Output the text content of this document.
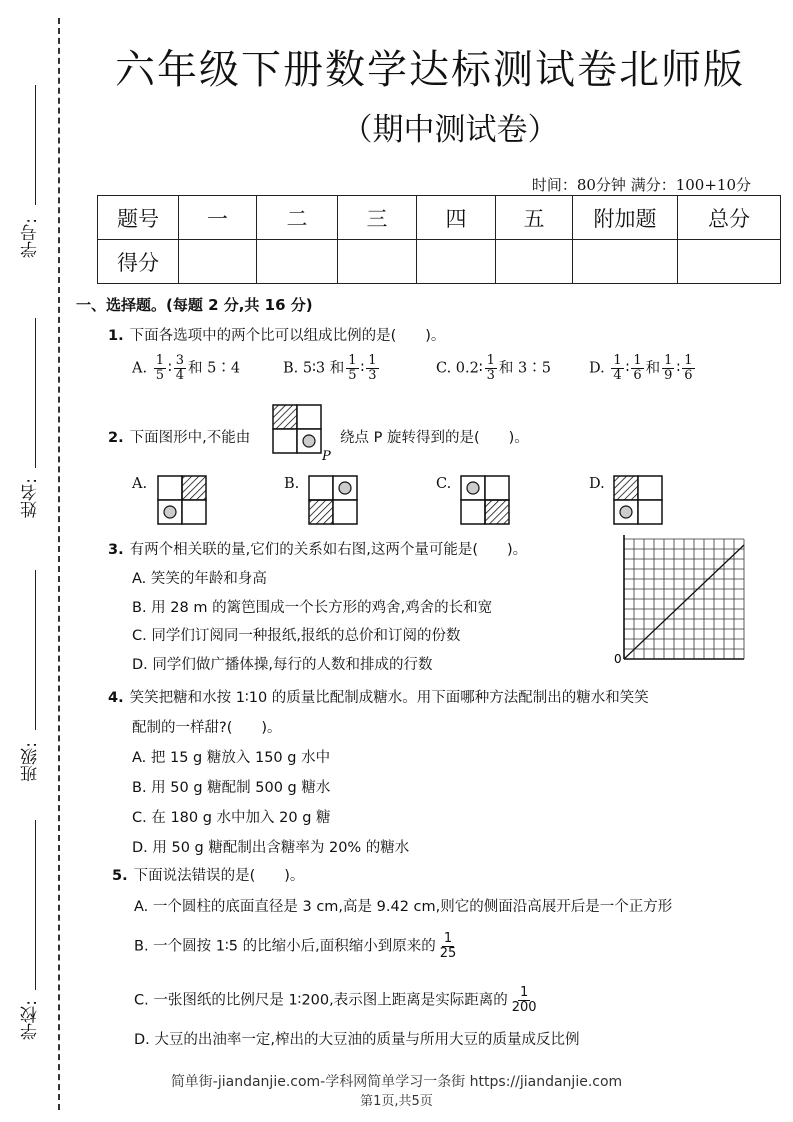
学号:
姓名:
班级:
学校:
六年级下册数学达标测试卷北师版
（期中测试卷）
时间：80分钟 满分：100+10分
题号	一	二	三	四	五	附加题	总分
得分							
一、选择题。(每题 2 分,共 16 分)
1. 下面各选项中的两个比可以组成比例的是(　　)。
A. $\frac{1}{5}$ ∶ $\frac{3}{4}$ 和 5∶4	B. 5∶3 和 $\frac{1}{5}$ ∶ $\frac{1}{3}$	C. 0.2∶ $\frac{1}{3}$ 和 3∶5	D. $\frac{1}{4}$ ∶ $\frac{1}{6}$ 和 $\frac{1}{9}$ ∶ $\frac{1}{6}$
2. 下面图形中,不能由
P
绕点 P 旋转得到的是(　　)。
A.	B.	C.	D.
3. 有两个相关联的量,它们的关系如右图,这两个量可能是(　　)。
A. 笑笑的年龄和身高
B. 用 28 m 的篱笆围成一个长方形的鸡舍,鸡舍的长和宽
C. 同学们订阅同一种报纸,报纸的总价和订阅的份数
D. 同学们做广播体操,每行的人数和排成的行数	0
4. 笑笑把糖和水按 1∶10 的质量比配制成糖水。用下面哪种方法配制出的糖水和笑笑
配制的一样甜?(　　)。
A. 把 15 g 糖放入 150 g 水中
B. 用 50 g 糖配制 500 g 糖水
C. 在 180 g 水中加入 20 g 糖
D. 用 50 g 糖配制出含糖率为 20% 的糖水
5. 下面说法错误的是(　　)。
A. 一个圆柱的底面直径是 3 cm,高是 9.42 cm,则它的侧面沿高展开后是一个正方形
B. 一个圆按 1∶5 的比缩小后,面积缩小到原来的 $\frac{1}{25}$
C. 一张图纸的比例尺是 1∶200,表示图上距离是实际距离的 $\frac{1}{200}$
D. 大豆的出油率一定,榨出的大豆油的质量与所用大豆的质量成反比例
简单街-jiandanjie.com-学科网简单学习一条街 https://jiandanjie.com
第1页,共5页
